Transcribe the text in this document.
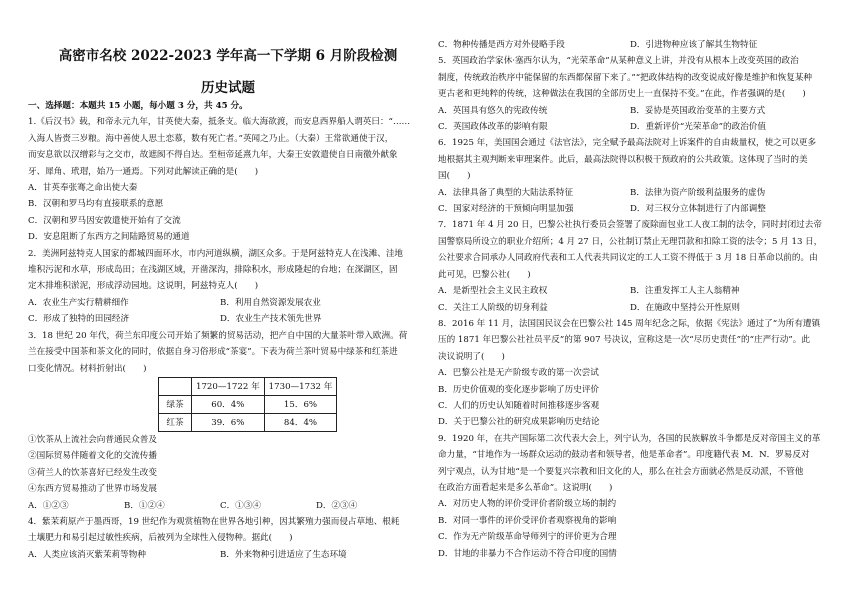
高密市名校 2022-2023 学年高一下学期 6 月阶段检测
历史试题
一、选择题：本题共 15 小题，每小题 3 分，共 45 分。
1.《后汉书》载，和帝永元九年，甘英使大秦，抵条支。临大海欲渡，而安息西界船人谓英曰：“……
入海人皆赍三岁粮。海中善使人思土恋慕，数有死亡者。”英闻之乃止。（大秦）王常欲通使于汉，
而安息欲以汉缯彩与之交市，故遮阂不得自达。至桓帝延熹九年，大秦王安敦遣使自日南徼外献象
牙、犀角、玳瑁，始乃一通焉。下列对此解读正确的是(　　)
A．甘英奉张骞之命出使大秦
B．汉朝和罗马均有直接联系的意愿
C．汉朝和罗马因安敦遣使开始有了交流
D．安息阻断了东西方之间陆路贸易的通道
2．美洲阿兹特克人国家的都城四面环水，市内河道纵横，湖区众多。于是阿兹特克人在浅滩、洼地
堆积污泥和水草，形成岛田；在浅湖区域，开凿深沟，排除积水，形成隆起的台地；在深湖区，固
定木排堆积淤泥，形成浮动园地。这说明，阿兹特克人(　　)
A．农业生产实行精耕细作	B．利用自然资源发展农业
C．形成了独特的田园经济	D．农业生产技术领先世界
3．18 世纪 20 年代，荷兰东印度公司开始了频繁的贸易活动，把产自中国的大量茶叶带入欧洲。荷
兰在接受中国茶和茶文化的同时，依据自身习俗形成“茶宴”。下表为荷兰茶叶贸易中绿茶和红茶进
口变化情况。材料折射出(　　)
	1720—1722 年	1730—1732 年
绿茶	60．4%	15．6%
红茶	39．6%	84．4%
①饮茶从上流社会向普通民众普及
②国际贸易伴随着文化的交流传播
③荷兰人的饮茶喜好已经发生改变
④东西方贸易推动了世界市场发展
A．①②③	B．①②④	C．①③④	D．②③④
4．紫茉莉原产于墨西哥，19 世纪作为观赏植物在世界各地引种，因其繁殖力强而侵占草地、根耗
土壤肥力和易引起过敏性疾病，后被列为全球性入侵物种。据此(　　)
A．人类应该消灭紫茉莉等物种	B．外来物种引进适应了生态环境
C．物种传播是西方对外侵略手段	D．引进物种应该了解其生物特征
5．英国政治学家休·塞西尔认为，“光荣革命”从某种意义上讲，并没有从根本上改变英国的政治
制度，传统政治秩序中能保留的东西都保留下来了。”“把政体结构的改变说成好像是维护和恢复某种
更古老和更纯粹的传统，这种做法在我国的全部历史上一直保持不变。”在此，作者强调的是(　　)
A．英国具有悠久的宪政传统	B．妥协是英国政治变革的主要方式
C．英国政体改革的影响有限	D．重新评价“光荣革命”的政治价值
6．1925 年，美国国会通过《法官法》，完全赋予最高法院对上诉案件的自由裁量权，使之可以更多
地根据其主观判断来审理案件。此后，最高法院得以积极干预政府的公共政策。这体现了当时的美
国(　　)
A．法律具备了典型的大陆法系特征	B．法律为资产阶级利益服务的虚伪
C．国家对经济的干预倾向明显加强	D．对三权分立体制进行了内部调整
7．1871 年 4 月 20 日，巴黎公社执行委员会签署了废除面包业工人夜工制的法令，同时封闭过去帝
国警察局所设立的职业介绍所；4 月 27 日，公社制订禁止无理罚款和扣除工资的法令；5 月 13 日，
公社要求合同承办人同政府代表和工人代表共同议定的工人工资不得低于 3 月 18 日革命以前的。由
此可见，巴黎公社(　　)
A．是新型社会主义民主政权	B．注重发挥工人主人翁精神
C．关注工人阶级的切身利益	D．在施政中坚持公开性原则
8．2016 年 11 月，法国国民议会在巴黎公社 145 周年纪念之际，依据《宪法》通过了“为所有遭镇
压的 1871 年巴黎公社社员平反”的第 907 号决议，宣称这是一次“尽历史责任”的“庄严行动”。此
决议说明了(　　)
A．巴黎公社是无产阶级专政的第一次尝试
B．历史价值观的变化逐步影响了历史评价
C．人们的历史认知随着时间推移逐步客观
D．关于巴黎公社的研究成果影响历史结论
9．1920 年，在共产国际第二次代表大会上，列宁认为，各国的民族解放斗争都是反对帝国主义的革
命力量，“甘地作为一场群众运动的鼓动者和领导者，他是革命者”。印度籍代表 M．N．罗易反对
列宁观点，认为甘地“是一个要复兴宗教和旧文化的人，那么在社会方面就必然是反动派，不管他
在政治方面看起来是多么革命”。这说明(　　)
A．对历史人物的评价受评价者阶级立场的制约
B．对同一事件的评价受评价者观察视角的影响
C．作为无产阶级革命导师列宁的评价更为合理
D．甘地的非暴力不合作运动不符合印度的国情
